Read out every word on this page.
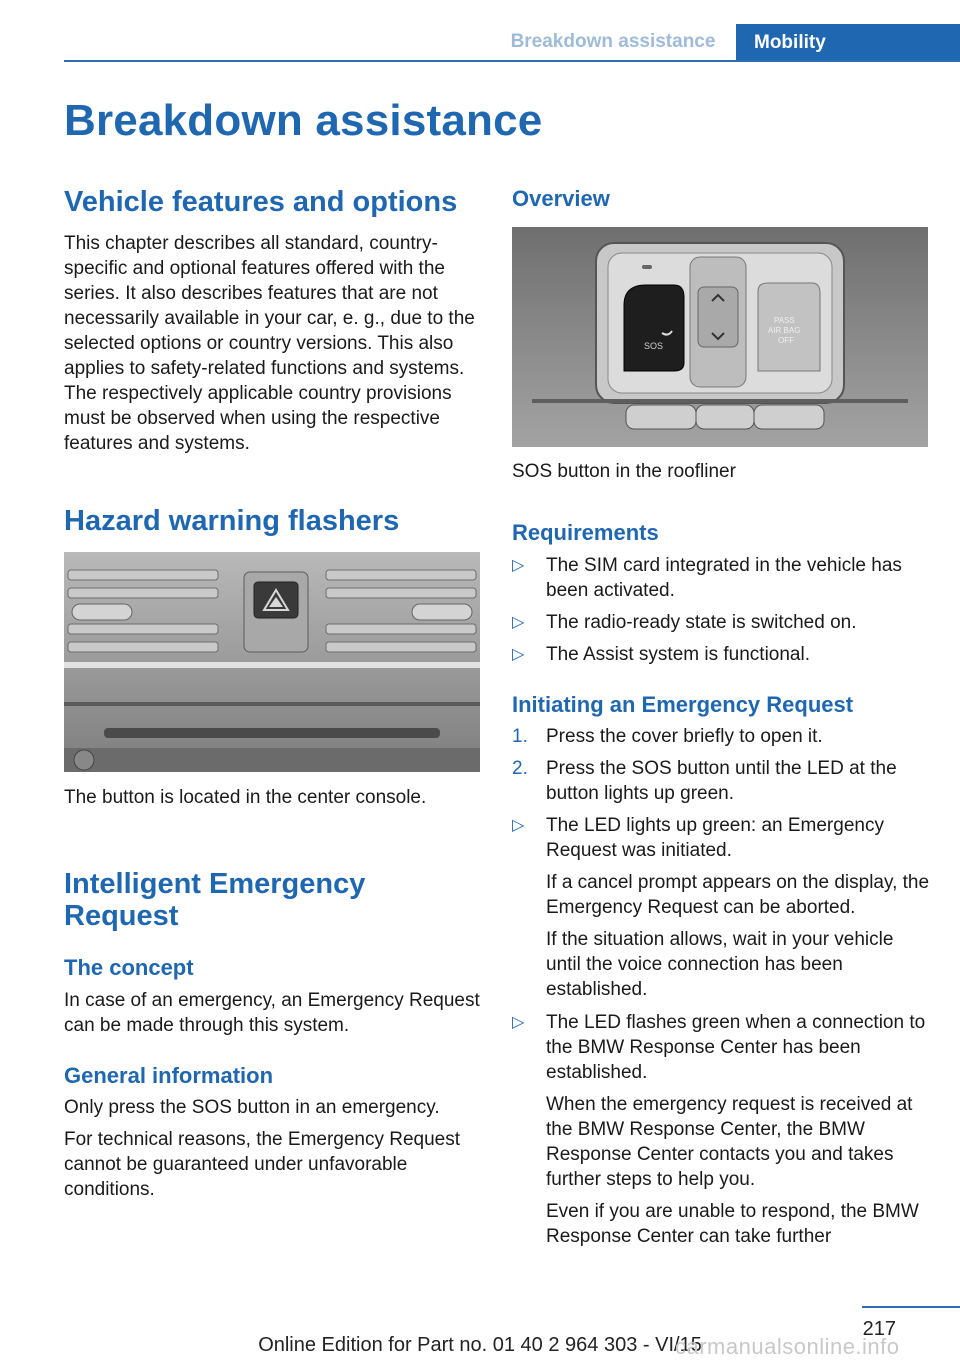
Breakdown assistance	Mobility
Breakdown assistance
Vehicle features and options

This chapter describes all standard, country-specific and optional features offered with the series. It also describes features that are not necessarily available in your car, e. g., due to the selected options or country versions. This also applies to safety-related functions and systems. The respectively applicable country provisions must be observed when using the respective features and systems.

Hazard warning flashers

The button is located in the center console.

Intelligent Emergency
Request
The concept

In case of an emergency, an Emergency Request can be made through this system.

General information

Only press the SOS button in an emergency.

For technical reasons, the Emergency Request cannot be guaranteed under unfavorable conditions.

Overview
SOS
PASS
AIR BAG
OFF

SOS button in the roofliner

Requirements
▷	The SIM card integrated in the vehicle has been activated.

▷	The radio-ready state is switched on.

▷	The Assist system is functional.

Initiating an Emergency Request
1. Press the cover briefly to open it.

2. Press the SOS button until the LED at the button lights up green.

▷	The LED lights up green: an Emergency Request was initiated.

If a cancel prompt appears on the display, the Emergency Request can be aborted.

If the situation allows, wait in your vehicle until the voice connection has been established.

▷	The LED flashes green when a connection to the BMW Response Center has been established.

When the emergency request is received at the BMW Response Center, the BMW Response Center contacts you and takes further steps to help you.

Even if you are unable to respond, the BMW Response Center can take further

217
Online Edition for Part no. 01 40 2 964 303 - VI/15
carmanualsonline.info
